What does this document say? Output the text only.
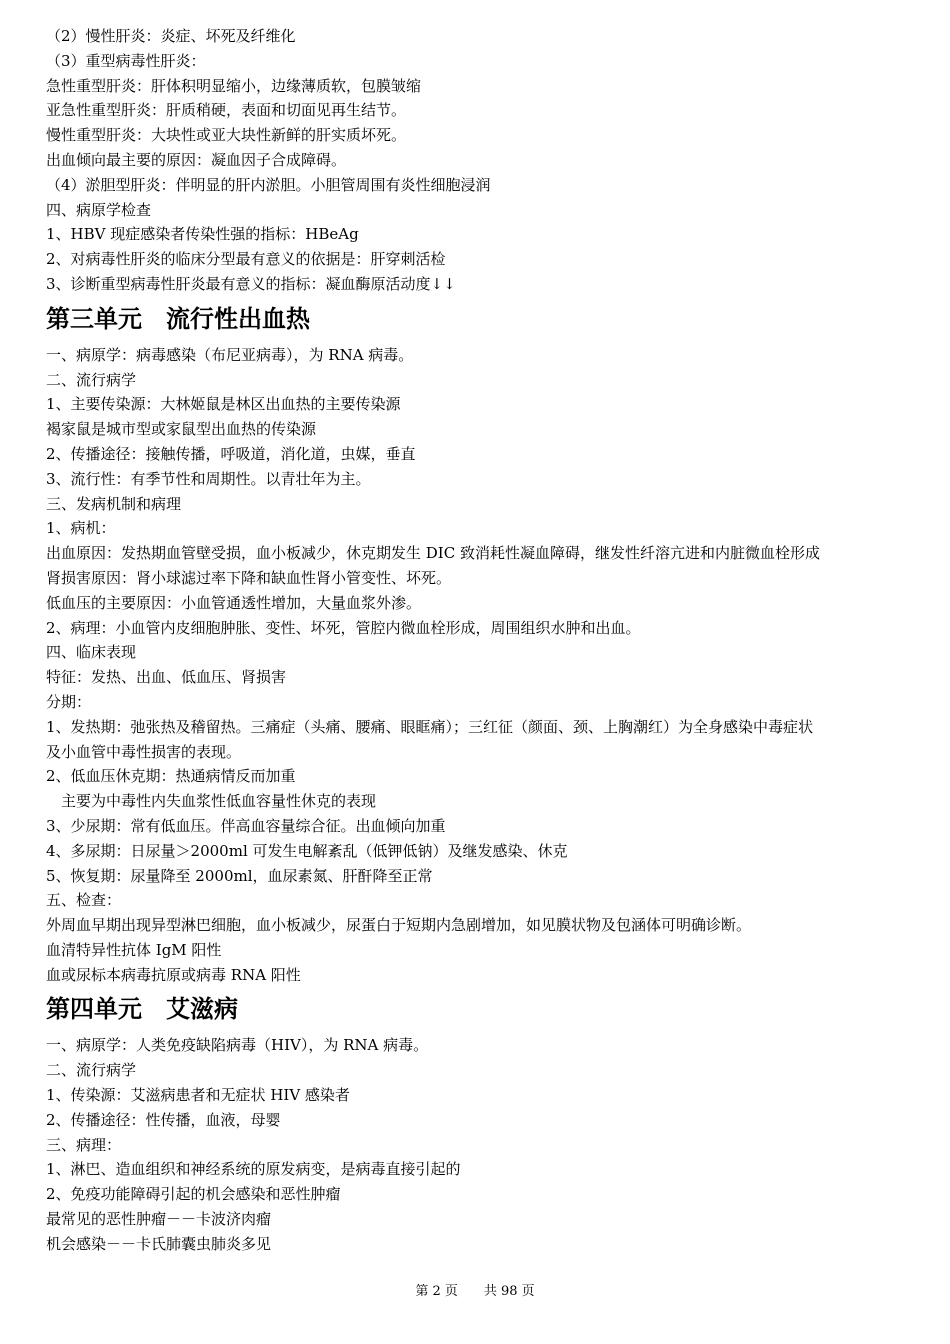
（2）慢性肝炎：炎症、坏死及纤维化
（3）重型病毒性肝炎：
急性重型肝炎：肝体积明显缩小，边缘薄质软，包膜皱缩
亚急性重型肝炎：肝质稍硬，表面和切面见再生结节。
慢性重型肝炎：大块性或亚大块性新鲜的肝实质坏死。
出血倾向最主要的原因：凝血因子合成障碍。
（4）淤胆型肝炎：伴明显的肝内淤胆。小胆管周围有炎性细胞浸润
四、病原学检查
1、HBV 现症感染者传染性强的指标：HBeAg
2、对病毒性肝炎的临床分型最有意义的依据是：肝穿刺活检
3、诊断重型病毒性肝炎最有意义的指标：凝血酶原活动度↓↓
第三单元　流行性出血热
一、病原学：病毒感染（布尼亚病毒），为 RNA 病毒。
二、流行病学
1、主要传染源：大林姬鼠是林区出血热的主要传染源
褐家鼠是城市型或家鼠型出血热的传染源
2、传播途径：接触传播，呼吸道，消化道，虫媒，垂直
3、流行性：有季节性和周期性。以青壮年为主。
三、发病机制和病理
1、病机：
出血原因：发热期血管壁受损，血小板减少，休克期发生 DIC 致消耗性凝血障碍，继发性纤溶亢进和内脏微血栓形成
肾损害原因：肾小球滤过率下降和缺血性肾小管变性、坏死。
低血压的主要原因：小血管通透性增加，大量血浆外渗。
2、病理：小血管内皮细胞肿胀、变性、坏死，管腔内微血栓形成，周围组织水肿和出血。
四、临床表现
特征：发热、出血、低血压、肾损害
分期：
1、发热期：弛张热及稽留热。三痛症（头痛、腰痛、眼眶痛）；三红征（颜面、颈、上胸潮红）为全身感染中毒症状
及小血管中毒性损害的表现。
2、低血压休克期：热通病情反而加重
　主要为中毒性内失血浆性低血容量性休克的表现
3、少尿期：常有低血压。伴高血容量综合征。出血倾向加重
4、多尿期：日尿量＞2000ml 可发生电解紊乱（低钾低钠）及继发感染、休克
5、恢复期：尿量降至 2000ml，血尿素氮、肝酐降至正常
五、检查：
外周血早期出现异型淋巴细胞，血小板减少，尿蛋白于短期内急剧增加，如见膜状物及包涵体可明确诊断。
血清特异性抗体 IgM 阳性
血或尿标本病毒抗原或病毒 RNA 阳性
第四单元　艾滋病
一、病原学：人类免疫缺陷病毒（HIV），为 RNA 病毒。
二、流行病学
1、传染源：艾滋病患者和无症状 HIV 感染者
2、传播途径：性传播，血液，母婴
三、病理：
1、淋巴、造血组织和神经系统的原发病变，是病毒直接引起的
2、免疫功能障碍引起的机会感染和恶性肿瘤
最常见的恶性肿瘤－－卡波济肉瘤
机会感染－－卡氏肺囊虫肺炎多见
第 2 页　　共 98 页
